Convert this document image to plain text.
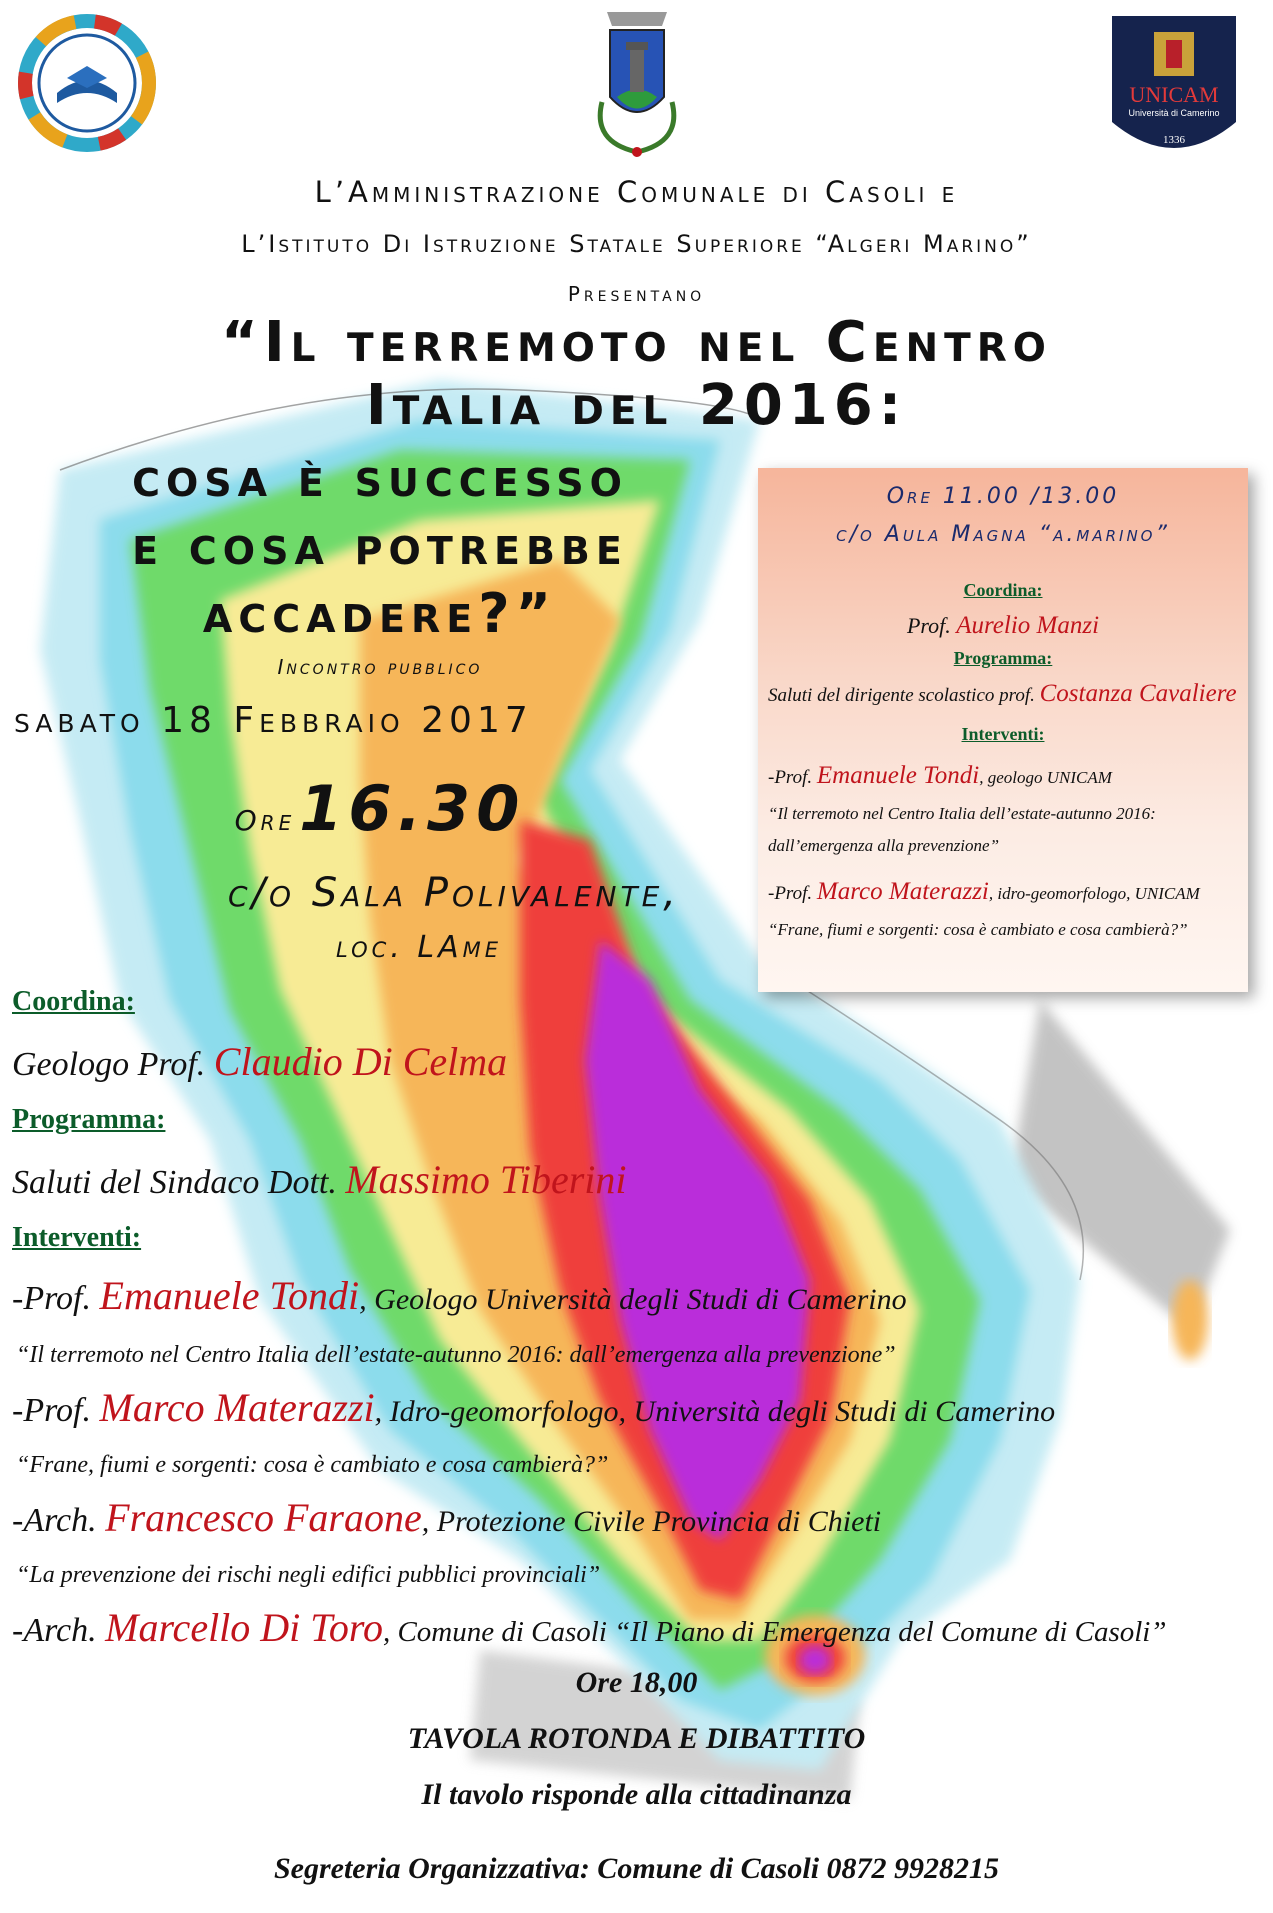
UNICAM
Università di Camerino
1336
L’Amministrazione Comunale di Casoli e
L’Istituto Di Istruzione Statale Superiore “Algeri Marino”
Presentano
“Il terremoto nel Centro
Italia del 2016:
cosa è successo
e cosa potrebbe
accadere?”
Incontro pubblico
sabato 18 Febbraio 2017
Ore 16.30
c/o Sala Polivalente,
loc. LAme
Ore 11.00 /13.00
c/o Aula Magna “a.marino”
Coordina:
Prof. Aurelio Manzi
Programma:
Saluti del dirigente scolastico prof. Costanza Cavaliere
Interventi:
-Prof. Emanuele Tondi, geologo UNICAM
“Il terremoto nel Centro Italia dell’estate-autunno 2016:
dall’emergenza alla prevenzione”
-Prof. Marco Materazzi, idro-geomorfologo, UNICAM
“Frane, fiumi e sorgenti: cosa è cambiato e cosa cambierà?”
Coordina:
Geologo Prof. Claudio Di Celma
Programma:
Saluti del Sindaco Dott. Massimo Tiberini
Interventi:
-Prof. Emanuele Tondi, Geologo Università degli Studi di Camerino
“Il terremoto nel Centro Italia dell’estate-autunno 2016: dall’emergenza alla prevenzione”
-Prof. Marco Materazzi, Idro-geomorfologo, Università degli Studi di Camerino
“Frane, fiumi e sorgenti: cosa è cambiato e cosa cambierà?”
-Arch. Francesco Faraone, Protezione Civile Provincia di Chieti
“La prevenzione dei rischi negli edifici pubblici provinciali”
-Arch. Marcello Di Toro, Comune di Casoli “Il Piano di Emergenza del Comune di Casoli”
Ore 18,00
TAVOLA ROTONDA E DIBATTITO
Il tavolo risponde alla cittadinanza
Segreteria Organizzativa: Comune di Casoli 0872 9928215
